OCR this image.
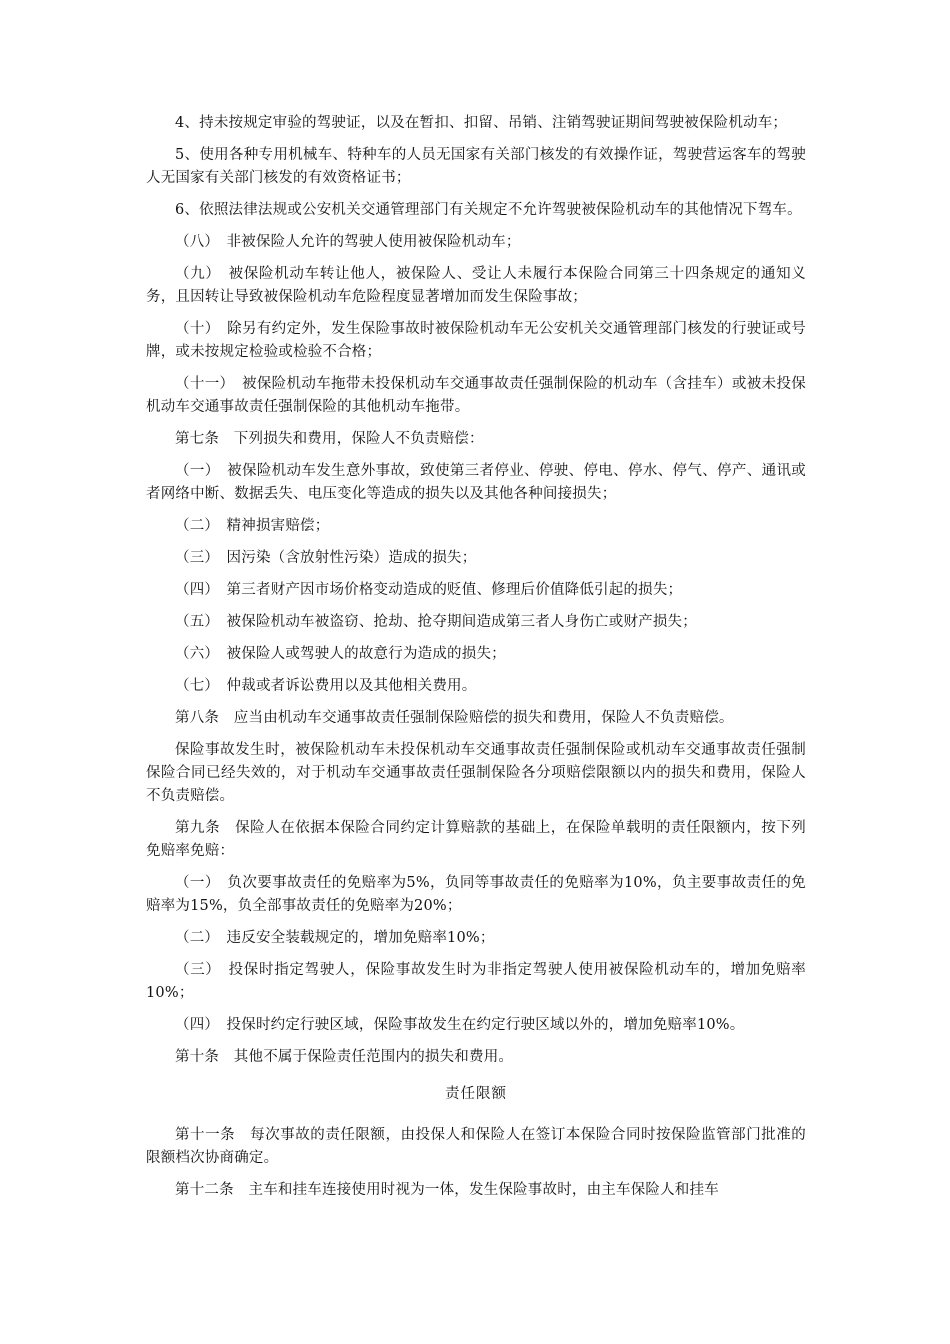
4、持未按规定审验的驾驶证，以及在暂扣、扣留、吊销、注销驾驶证期间驾驶被保险机动车；

5、使用各种专用机械车、特种车的人员无国家有关部门核发的有效操作证，驾驶营运客车的驾驶人无国家有关部门核发的有效资格证书；

6、依照法律法规或公安机关交通管理部门有关规定不允许驾驶被保险机动车的其他情况下驾车。

（八）　非被保险人允许的驾驶人使用被保险机动车；

（九）　被保险机动车转让他人，被保险人、受让人未履行本保险合同第三十四条规定的通知义务，且因转让导致被保险机动车危险程度显著增加而发生保险事故；

（十）　除另有约定外，发生保险事故时被保险机动车无公安机关交通管理部门核发的行驶证或号牌，或未按规定检验或检验不合格；

（十一）　被保险机动车拖带未投保机动车交通事故责任强制保险的机动车（含挂车）或被未投保机动车交通事故责任强制保险的其他机动车拖带。

第七条　下列损失和费用，保险人不负责赔偿：

（一）　被保险机动车发生意外事故，致使第三者停业、停驶、停电、停水、停气、停产、通讯或者网络中断、数据丢失、电压变化等造成的损失以及其他各种间接损失；

（二）　精神损害赔偿；

（三）　因污染（含放射性污染）造成的损失；

（四）　第三者财产因市场价格变动造成的贬值、修理后价值降低引起的损失；

（五）　被保险机动车被盗窃、抢劫、抢夺期间造成第三者人身伤亡或财产损失；

（六）　被保险人或驾驶人的故意行为造成的损失；

（七）　仲裁或者诉讼费用以及其他相关费用。

第八条　应当由机动车交通事故责任强制保险赔偿的损失和费用，保险人不负责赔偿。

保险事故发生时，被保险机动车未投保机动车交通事故责任强制保险或机动车交通事故责任强制保险合同已经失效的，对于机动车交通事故责任强制保险各分项赔偿限额以内的损失和费用，保险人不负责赔偿。

第九条　保险人在依据本保险合同约定计算赔款的基础上，在保险单载明的责任限额内，按下列免赔率免赔：

（一）　负次要事故责任的免赔率为5%，负同等事故责任的免赔率为10%，负主要事故责任的免赔率为15%，负全部事故责任的免赔率为20%；

（二）　违反安全装载规定的，增加免赔率10%；

（三）　投保时指定驾驶人，保险事故发生时为非指定驾驶人使用被保险机动车的，增加免赔率10%；

（四）　投保时约定行驶区域，保险事故发生在约定行驶区域以外的，增加免赔率10%。

第十条　其他不属于保险责任范围内的损失和费用。

责任限额

第十一条　每次事故的责任限额，由投保人和保险人在签订本保险合同时按保险监管部门批准的限额档次协商确定。

第十二条　主车和挂车连接使用时视为一体，发生保险事故时，由主车保险人和挂车
